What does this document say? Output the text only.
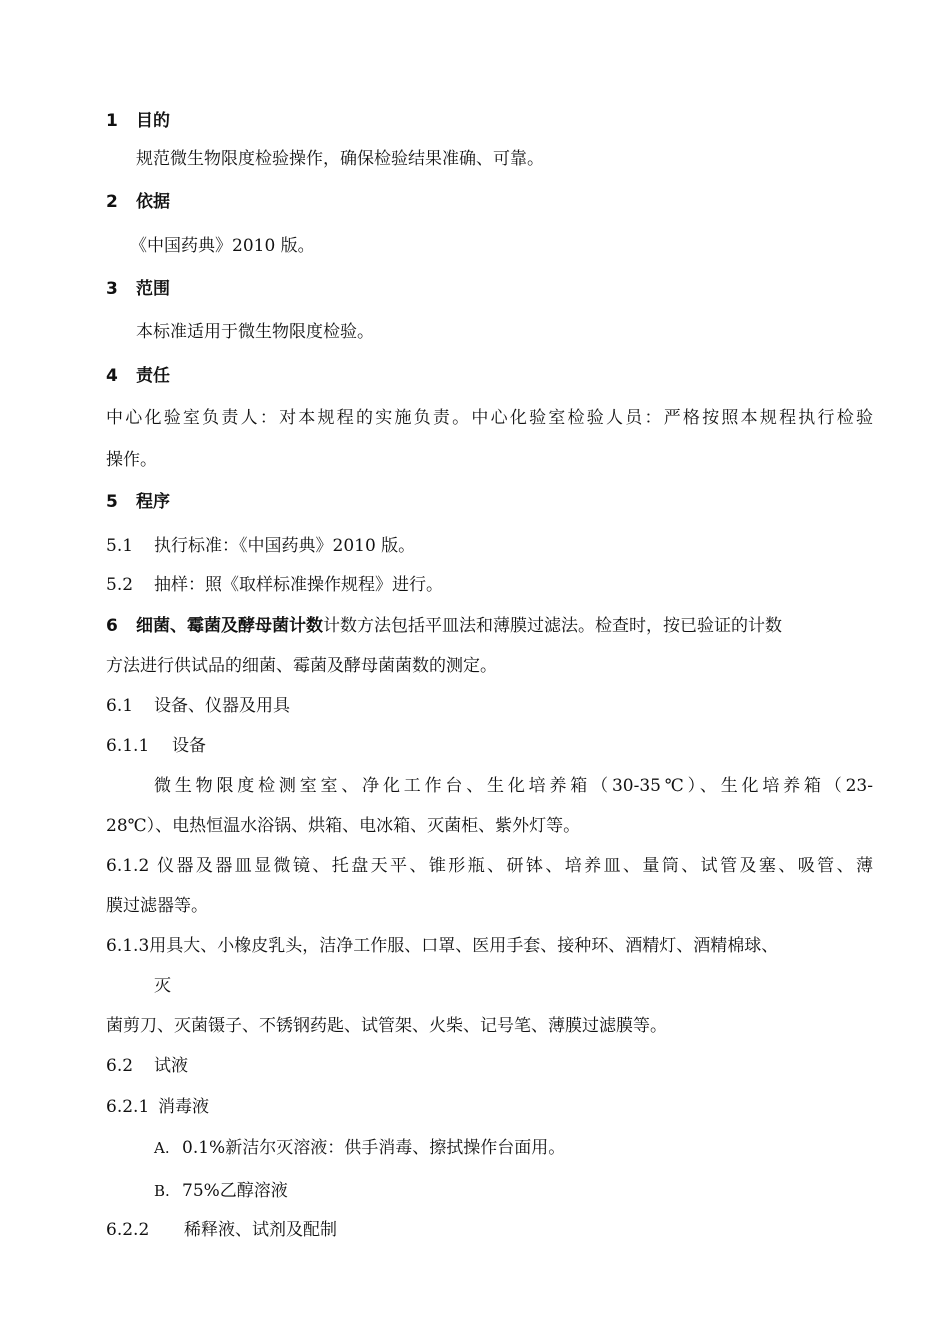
1 目的
规范微生物限度检验操作，确保检验结果准确、可靠。
2 依据
《中国药典》2010 版。
3 范围
本标准适用于微生物限度检验。
4 责任
中心化验室负责人：对本规程的实施负责。中心化验室检验人员：严格按照本规程执行检验
操作。
5 程序
5.1 执行标准：《中国药典》2010 版。
5.2 抽样：照《取样标准操作规程》进行。
6 细菌、霉菌及酵母菌计数计数方法包括平皿法和薄膜过滤法。检查时，按已验证的计数
方法进行供试品的细菌、霉菌及酵母菌菌数的测定。
6.1 设备、仪器及用具
6.1.1 设备
微生物限度检测室室、净化工作台、生化培养箱（30-35℃）、生化培养箱（23-
28℃）、电热恒温水浴锅、烘箱、电冰箱、灭菌柜、紫外灯等。
6.1.2 仪器及器皿显微镜、托盘天平、锥形瓶、研钵、培养皿、量筒、试管及塞、吸管、薄
膜过滤器等。
6.1.3用具大、小橡皮乳头，洁净工作服、口罩、医用手套、接种环、酒精灯、酒精棉球、
灭
菌剪刀、灭菌镊子、不锈钢药匙、试管架、火柴、记号笔、薄膜过滤膜等。
6.2 试液
6.2.1 消毒液
A. 0.1%新洁尔灭溶液：供手消毒、擦拭操作台面用。
B. 75%乙醇溶液
6.2.2 稀释液、试剂及配制
